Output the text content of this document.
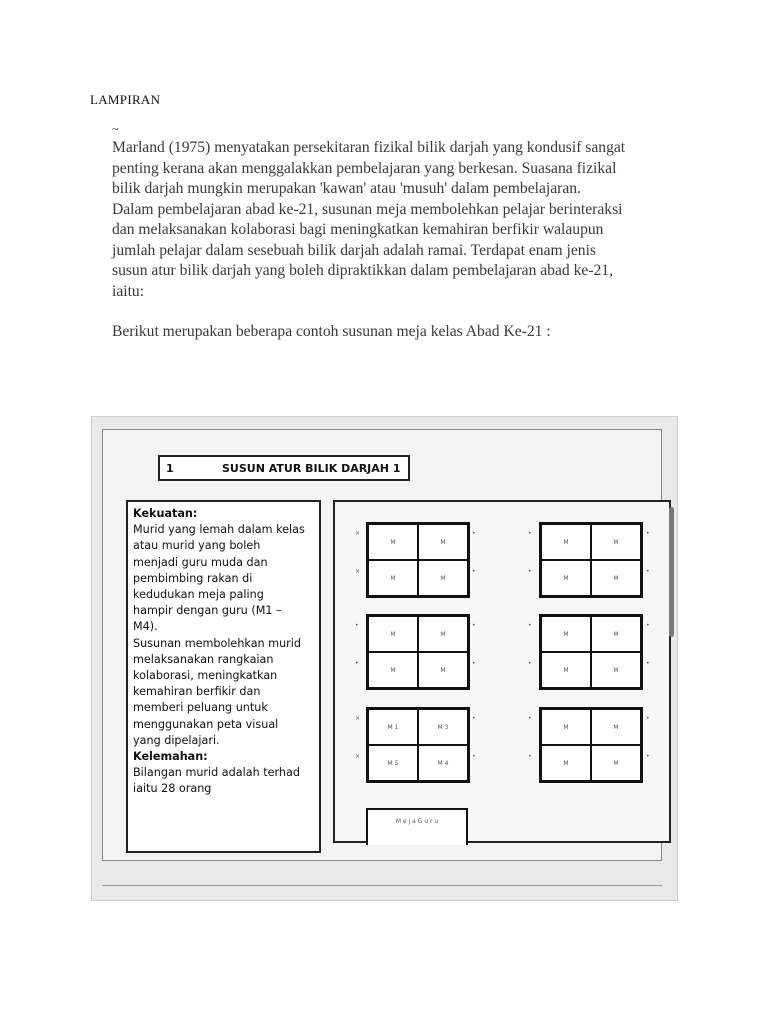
LAMPIRAN
~
Marland (1975) menyatakan persekitaran fizikal bilik darjah yang kondusif sangat
penting kerana akan menggalakkan pembelajaran yang berkesan. Suasana fizikal
bilik darjah mungkin merupakan 'kawan' atau 'musuh' dalam pembelajaran.
Dalam pembelajaran abad ke-21, susunan meja membolehkan pelajar berinteraksi
dan melaksanakan kolaborasi bagi meningkatkan kemahiran berfikir walaupun
jumlah pelajar dalam sesebuah bilik darjah adalah ramai. Terdapat enam jenis
susun atur bilik darjah yang boleh dipraktikkan dalam pembelajaran abad ke-21,
iaitu:
Berikut merupakan beberapa contoh susunan meja kelas Abad Ke-21 :
1	SUSUN ATUR BILIK DARJAH 1

Kekuatan:

Murid yang lemah dalam kelas

atau murid yang boleh

menjadi guru muda dan

pembimbing rakan di

kedudukan meja paling

hampir dengan guru (M1 –

M4).

Susunan membolehkan murid

melaksanakan rangkaian

kolaborasi, meningkatkan

kemahiran berfikir dan

memberi peluang untuk

menggunakan peta visual

yang dipelajari.

Kelemahan:

Bilangan murid adalah terhad

iaitu 28 orang

M	M
M	M
M	M
M	M
M	M
M	M
M	M
M	M
M 1	M 3
M 5	M 4
M	M
M	M
×
×
•
•
•
•
•
•
•
•
•
•
•
•
•
•
×
×
•
•
•
•
•
•
M e j a G u r u
